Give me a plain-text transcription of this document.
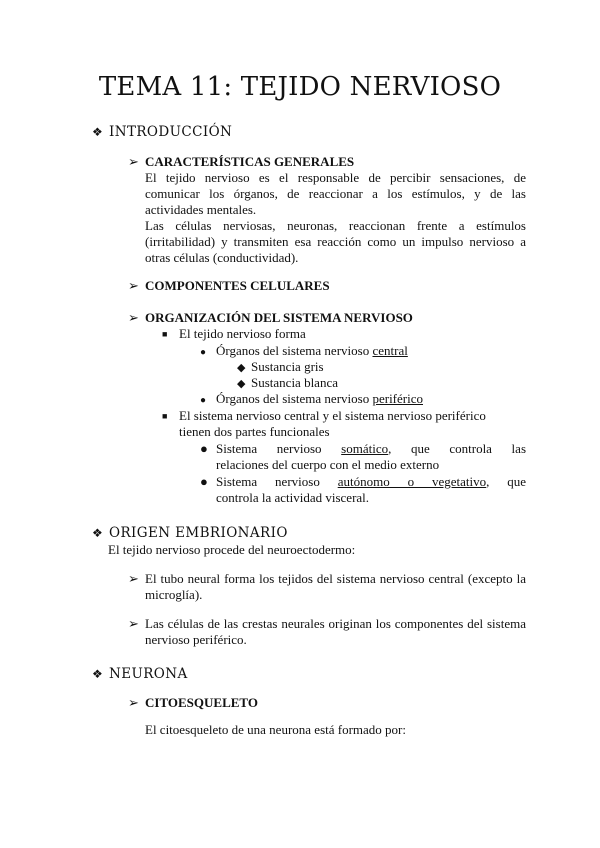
TEMA 11: TEJIDO NERVIOSO
❖ INTRODUCCIÓN
➢ CARACTERÍSTICAS GENERALES
El tejido nervioso es el responsable de percibir sensaciones, de comunicar los órganos, de reaccionar a los estímulos, y de las actividades mentales.
Las células nerviosas, neuronas, reaccionan frente a estímulos (irritabilidad) y transmiten esa reacción como un impulso nervioso a otras células (conductividad).
➢ COMPONENTES CELULARES
➢ ORGANIZACIÓN DEL SISTEMA NERVIOSO
■ El tejido nervioso forma
● Órganos del sistema nervioso central
◆ Sustancia gris
◆ Sustancia blanca
● Órganos del sistema nervioso periférico
■ El sistema nervioso central y el sistema nervioso periférico
tienen dos partes funcionales
● Sistema nervioso somático, que controla las
relaciones del cuerpo con el medio externo
● Sistema nervioso autónomo o vegetativo, que
controla la actividad visceral.
❖ ORIGEN EMBRIONARIO
El tejido nervioso procede del neuroectodermo:
➢ El tubo neural forma los tejidos del sistema nervioso central (excepto la microglía).
➢ Las células de las crestas neurales originan los componentes del sistema nervioso periférico.
❖ NEURONA
➢ CITOESQUELETO
El citoesqueleto de una neurona está formado por:
